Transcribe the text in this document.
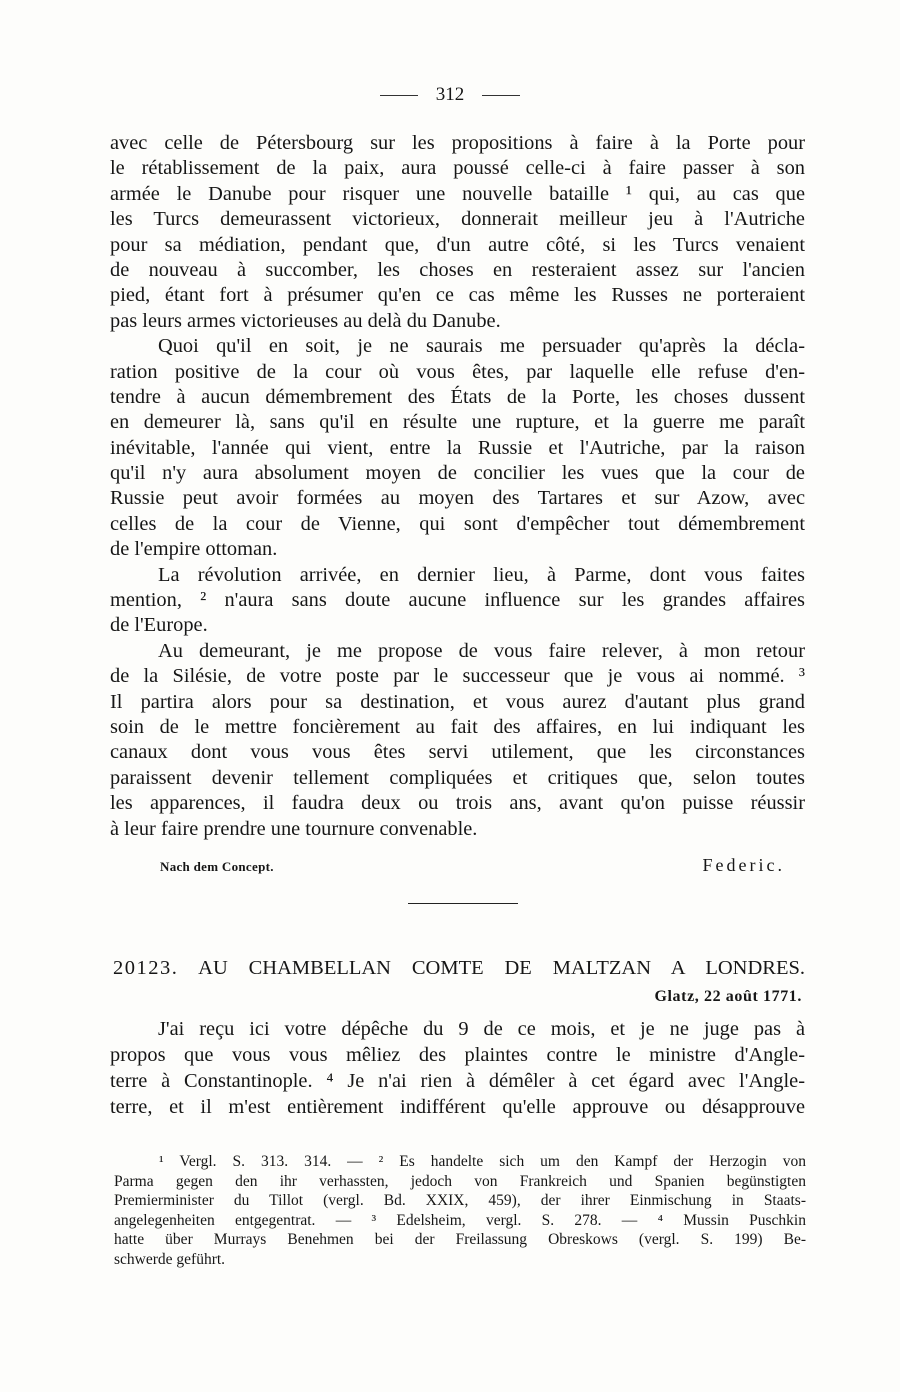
312
avec celle de Pétersbourg sur les propositions à faire à la Porte pour
le rétablissement de la paix, aura poussé celle-ci à faire passer à son
armée le Danube pour risquer une nouvelle bataille ¹ qui, au cas que
les Turcs demeurassent victorieux, donnerait meilleur jeu à l'Autriche
pour sa médiation, pendant que, d'un autre côté, si les Turcs venaient
de nouveau à succomber, les choses en resteraient assez sur l'ancien
pied, étant fort à présumer qu'en ce cas même les Russes ne porteraient
pas leurs armes victorieuses au delà du Danube.
Quoi qu'il en soit, je ne saurais me persuader qu'après la décla-
ration positive de la cour où vous êtes, par laquelle elle refuse d'en-
tendre à aucun démembrement des États de la Porte, les choses dussent
en demeurer là, sans qu'il en résulte une rupture, et la guerre me paraît
inévitable, l'année qui vient, entre la Russie et l'Autriche, par la raison
qu'il n'y aura absolument moyen de concilier les vues que la cour de
Russie peut avoir formées au moyen des Tartares et sur Azow, avec
celles de la cour de Vienne, qui sont d'empêcher tout démembrement
de l'empire ottoman.
La révolution arrivée, en dernier lieu, à Parme, dont vous faites
mention, ² n'aura sans doute aucune influence sur les grandes affaires
de l'Europe.
Au demeurant, je me propose de vous faire relever, à mon retour
de la Silésie, de votre poste par le successeur que je vous ai nommé. ³
Il partira alors pour sa destination, et vous aurez d'autant plus grand
soin de le mettre foncièrement au fait des affaires, en lui indiquant les
canaux dont vous vous êtes servi utilement, que les circonstances
paraissent devenir tellement compliquées et critiques que, selon toutes
les apparences, il faudra deux ou trois ans, avant qu'on puisse réussir
à leur faire prendre une tournure convenable.
Nach dem Concept.	Federic.
20123. AU CHAMBELLAN COMTE DE MALTZAN A LONDRES.
Glatz, 22 août 1771.
J'ai reçu ici votre dépêche du 9 de ce mois, et je ne juge pas à
propos que vous vous mêliez des plaintes contre le ministre d'Angle-
terre à Constantinople. ⁴ Je n'ai rien à démêler à cet égard avec l'Angle-
terre, et il m'est entièrement indifférent qu'elle approuve ou désapprouve
¹ Vergl. S. 313. 314. — ² Es handelte sich um den Kampf der Herzogin von
Parma gegen den ihr verhassten, jedoch von Frankreich und Spanien begünstigten
Premierminister du Tillot (vergl. Bd. XXIX, 459), der ihrer Einmischung in Staats-
angelegenheiten entgegentrat. — ³ Edelsheim, vergl. S. 278. — ⁴ Mussin Puschkin
hatte über Murrays Benehmen bei der Freilassung Obreskows (vergl. S. 199) Be-
schwerde geführt.
